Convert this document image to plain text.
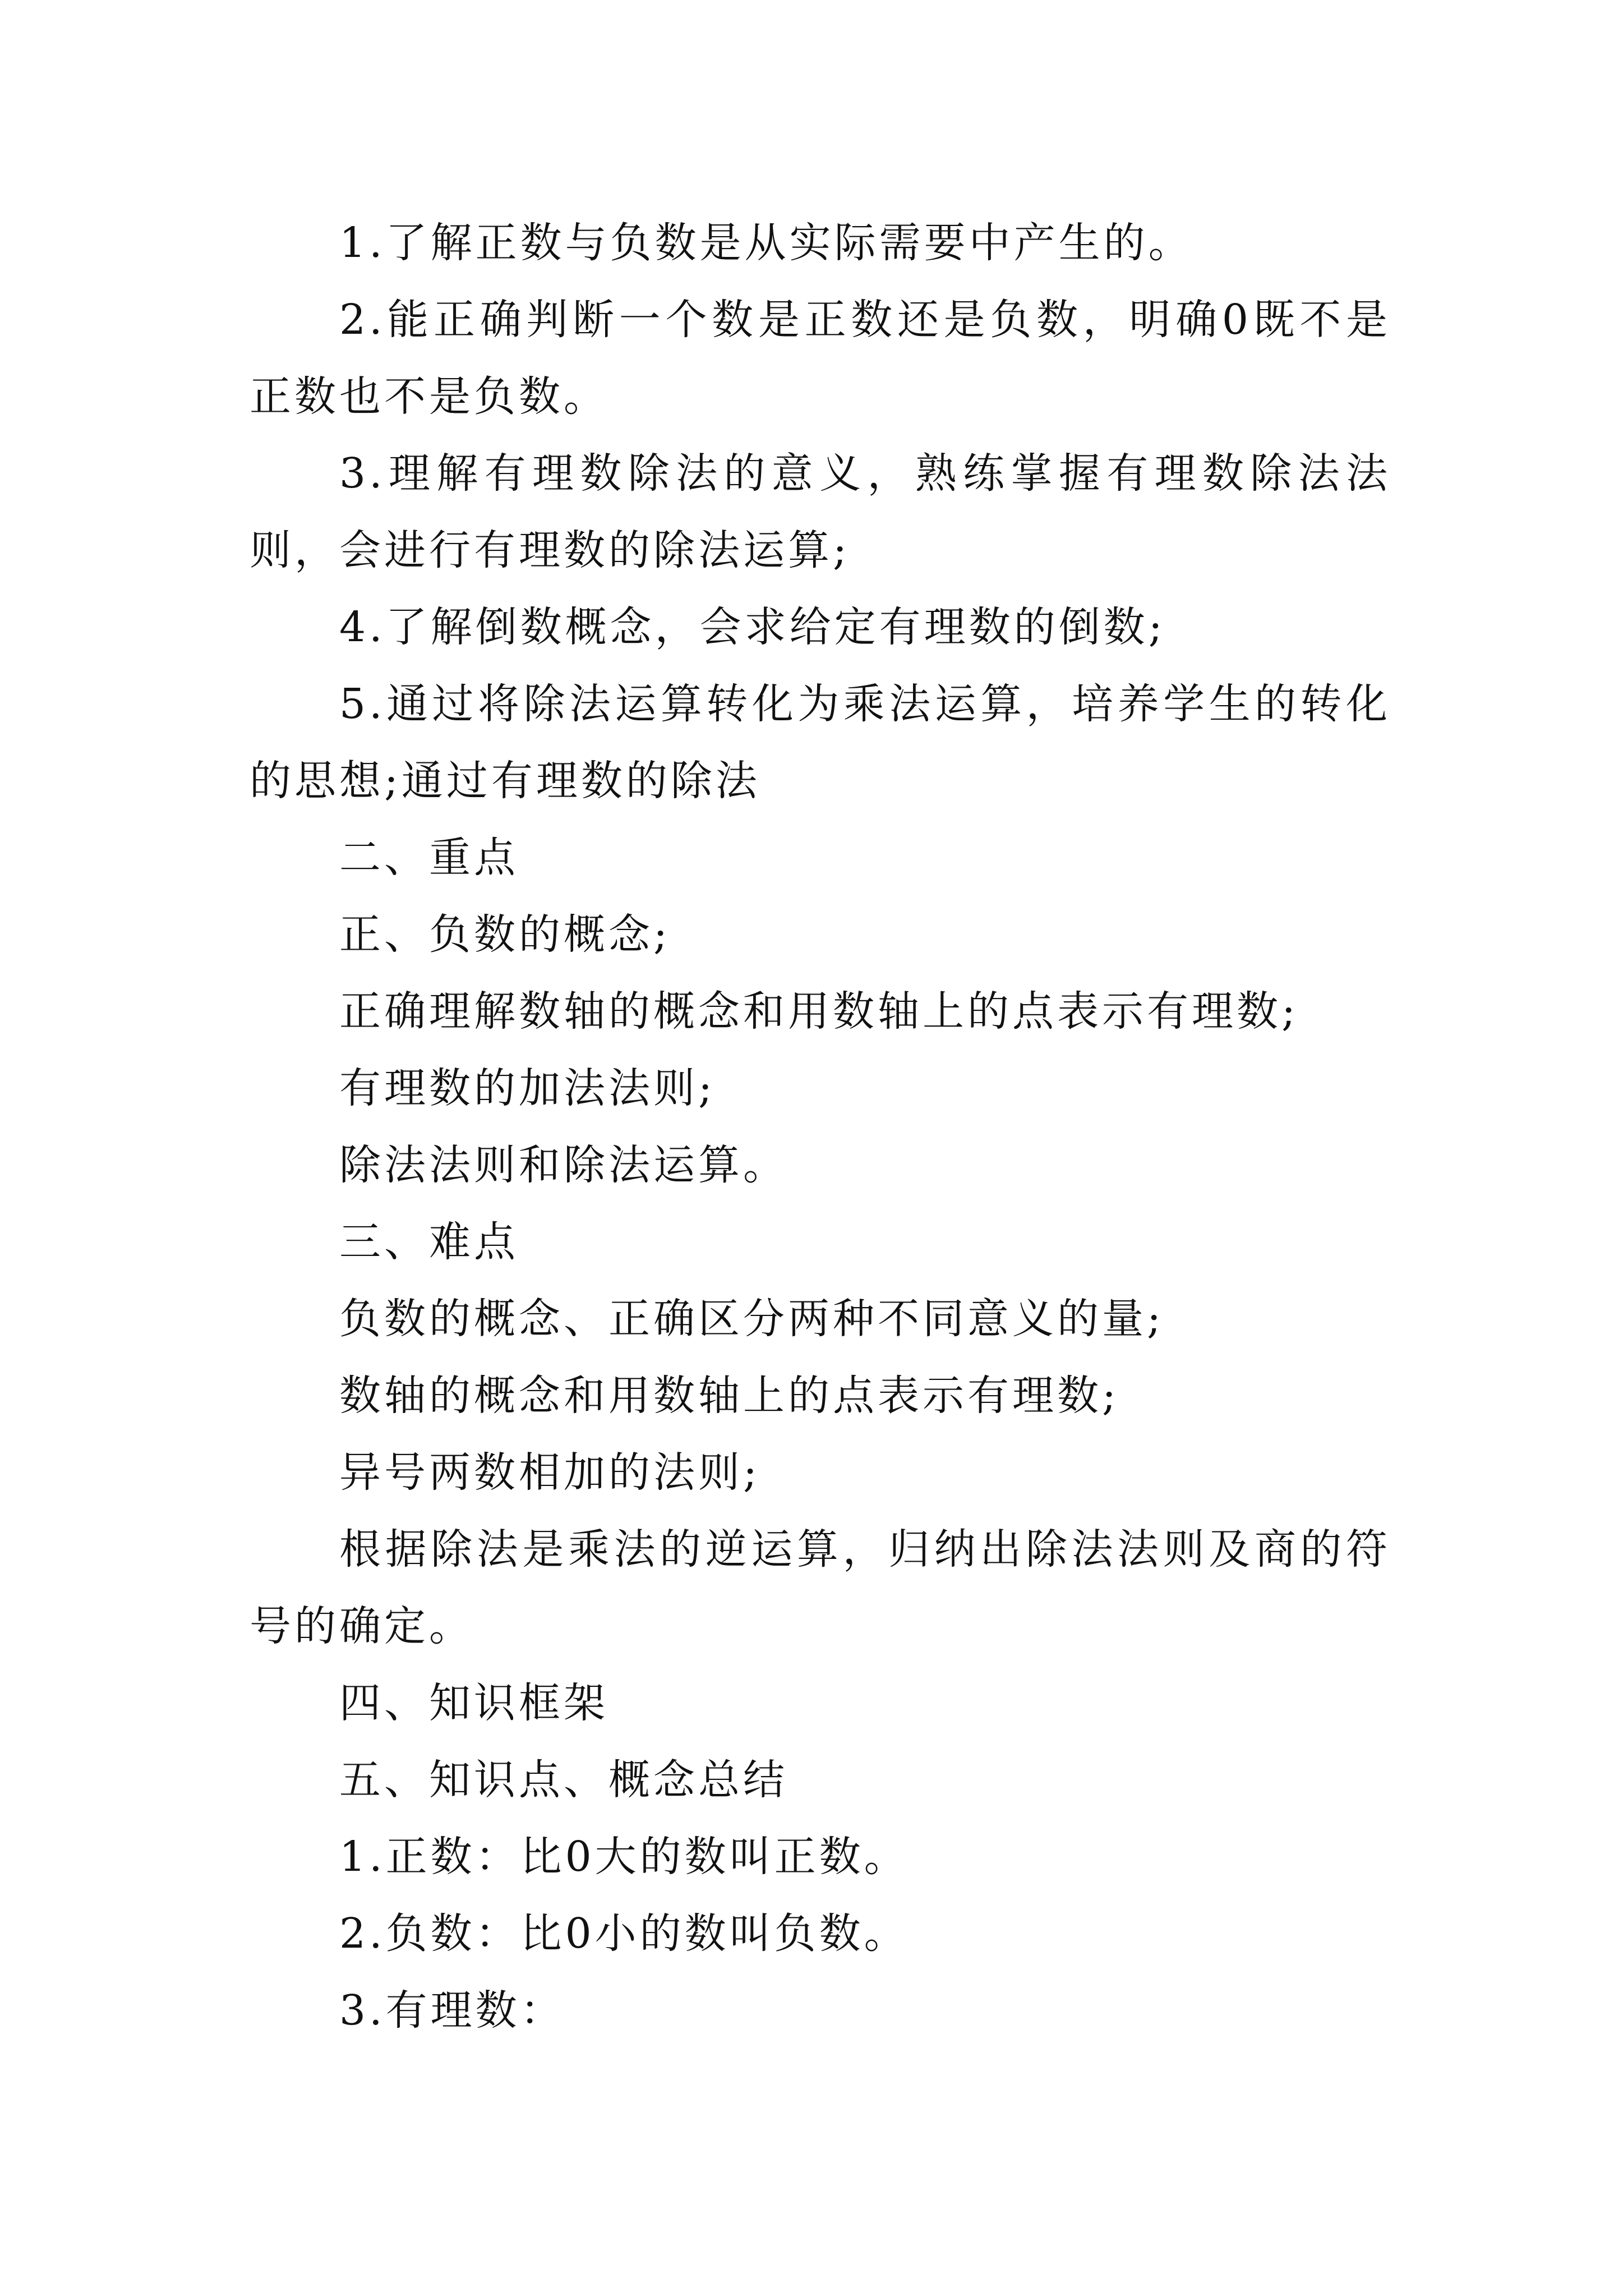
1.了解正数与负数是从实际需要中产生的。

2.能正确判断一个数是正数还是负数，明确0既不是正数也不是负数。

3.理解有理数除法的意义，熟练掌握有理数除法法则，会进行有理数的除法运算;

4.了解倒数概念，会求给定有理数的倒数;

5.通过将除法运算转化为乘法运算，培养学生的转化的思想;通过有理数的除法

二、重点

正、负数的概念;

正确理解数轴的概念和用数轴上的点表示有理数;

有理数的加法法则;

除法法则和除法运算。

三、难点

负数的概念、正确区分两种不同意义的量;

数轴的概念和用数轴上的点表示有理数;

异号两数相加的法则;

根据除法是乘法的逆运算，归纳出除法法则及商的符号的确定。

四、知识框架

五、知识点、概念总结

1.正数：比0大的数叫正数。

2.负数：比0小的数叫负数。

3.有理数：
